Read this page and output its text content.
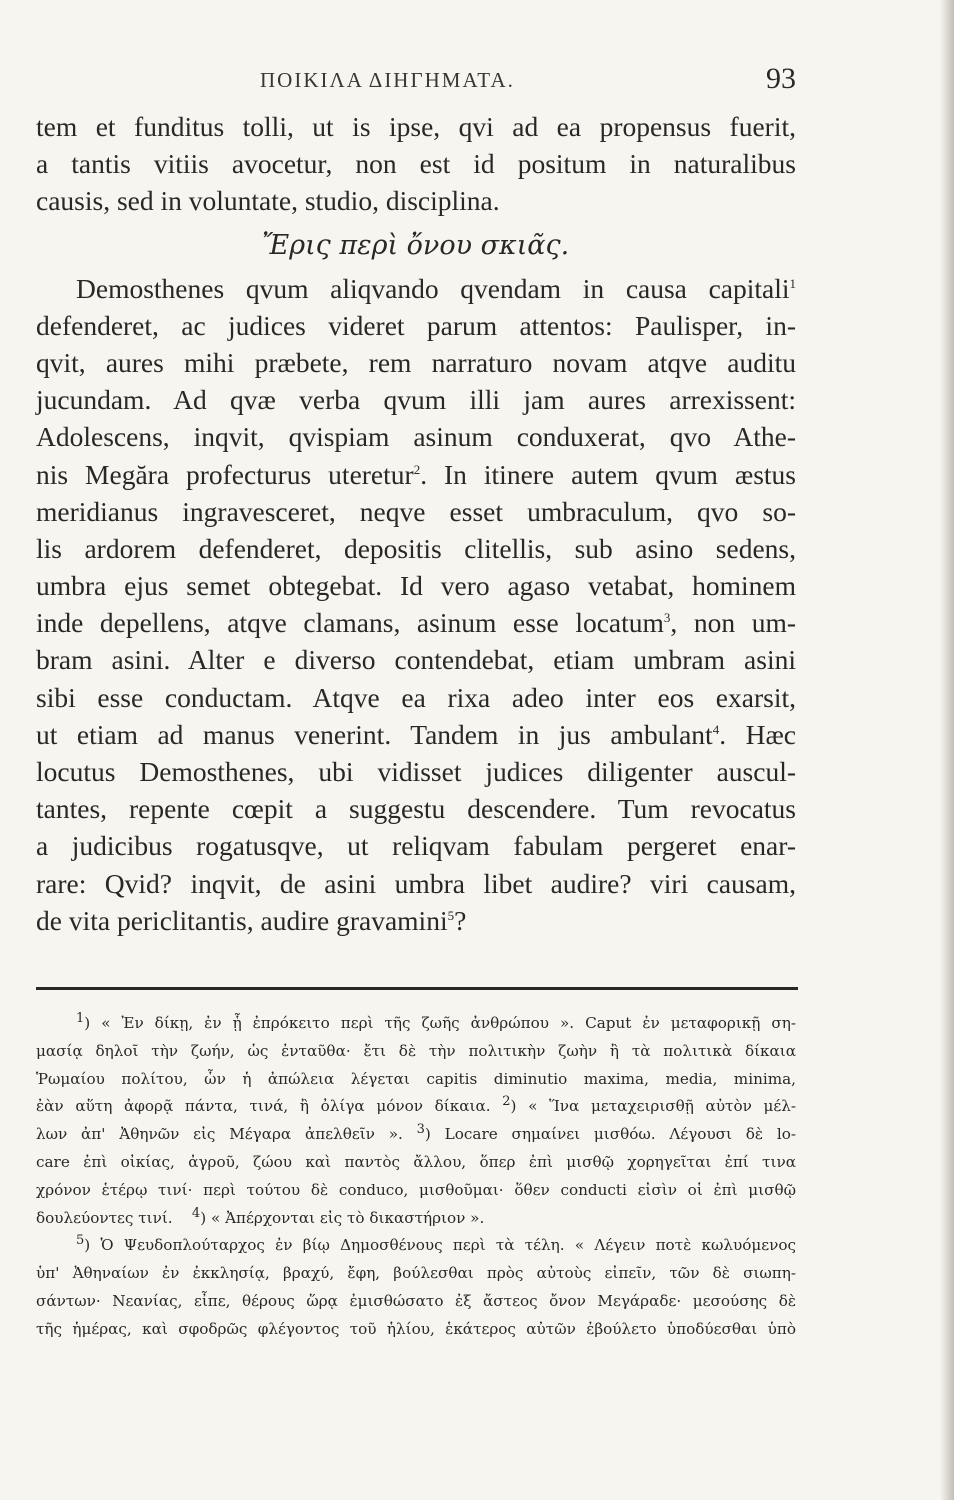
ΠΟΙΚΙΛΑ ΔΙΗΓΗΜΑΤΑ.	93
tem et funditus tolli, ut is ipse, qvi ad ea propensus fuerit,
a tantis vitiis avocetur, non est id positum in naturalibus
causis, sed in voluntate, studio, disciplina.
Ἔρις περὶ ὄνου σκιᾶς.
Demosthenes qvum aliqvando qvendam in causa capitali$^1$
defenderet, ac judices videret parum attentos: Paulisper, in-
qvit, aures mihi præbete, rem narraturo novam atqve auditu
jucundam. Ad qvæ verba qvum illi jam aures arrexissent:
Adolescens, inqvit, qvispiam asinum conduxerat, qvo Athe-
nis Megăra profecturus uteretur$^2$. In itinere autem qvum æstus
meridianus ingravesceret, neqve esset umbraculum, qvo so-
lis ardorem defenderet, depositis clitellis, sub asino sedens,
umbra ejus semet obtegebat. Id vero agaso vetabat, hominem
inde depellens, atqve clamans, asinum esse locatum$^3$, non um-
bram asini. Alter e diverso contendebat, etiam umbram asini
sibi esse conductam. Atqve ea rixa adeo inter eos exarsit,
ut etiam ad manus venerint. Tandem in jus ambulant$^4$. Hæc
locutus Demosthenes, ubi vidisset judices diligenter auscul-
tantes, repente cœpit a suggestu descendere. Tum revocatus
a judicibus rogatusqve, ut reliqvam fabulam pergeret enar-
rare: Qvid? inqvit, de asini umbra libet audire? viri causam,
de vita periclitantis, audire gravamini$^5$?
1) « Ἐν δίκῃ, ἐν ᾗ ἐπρόκειτο περὶ τῆς ζωῆς ἀνθρώπου ». Caput ἐν μεταφορικῇ ση-
μασίᾳ δηλοῖ τὴν ζωήν, ὡς ἐνταῦθα· ἔτι δὲ τὴν πολιτικὴν ζωὴν ἢ τὰ πολιτικὰ δίκαια
Ῥωμαίου πολίτου, ὧν ἡ ἀπώλεια λέγεται capitis diminutio maxima, media, minima,
ἐὰν αὕτη ἀφορᾷ πάντα, τινά, ἢ ὀλίγα μόνον δίκαια. 2) « Ἵνα μεταχειρισθῇ αὐτὸν μέλ-
λων ἀπ' Ἀθηνῶν εἰς Μέγαρα ἀπελθεῖν ». 3) Locare σημαίνει μισθόω. Λέγουσι δὲ lo-
care ἐπὶ οἰκίας, ἀγροῦ, ζώου καὶ παντὸς ἄλλου, ὅπερ ἐπὶ μισθῷ χορηγεῖται ἐπί τινα
χρόνον ἑτέρῳ τινί· περὶ τούτου δὲ conduco, μισθοῦμαι· ὅθεν conducti εἰσὶν οἱ ἐπὶ μισθῷ
δουλεύοντες τινί. 4) « Ἀπέρχονται εἰς τὸ δικαστήριον ».
5) Ὁ Ψευδοπλούταρχος ἐν βίῳ Δημοσθένους περὶ τὰ τέλη. « Λέγειν ποτὲ κωλυόμενος
ὑπ' Ἀθηναίων ἐν ἐκκλησίᾳ, βραχύ, ἔφη, βούλεσθαι πρὸς αὐτοὺς εἰπεῖν, τῶν δὲ σιωπη-
σάντων· Νεανίας, εἶπε, θέρους ὥρᾳ ἐμισθώσατο ἐξ ἄστεος ὄνον Μεγάραδε· μεσούσης δὲ
τῆς ἡμέρας, καὶ σφοδρῶς φλέγοντος τοῦ ἡλίου, ἑκάτερος αὐτῶν ἐβούλετο ὑποδύεσθαι ὑπὸ
